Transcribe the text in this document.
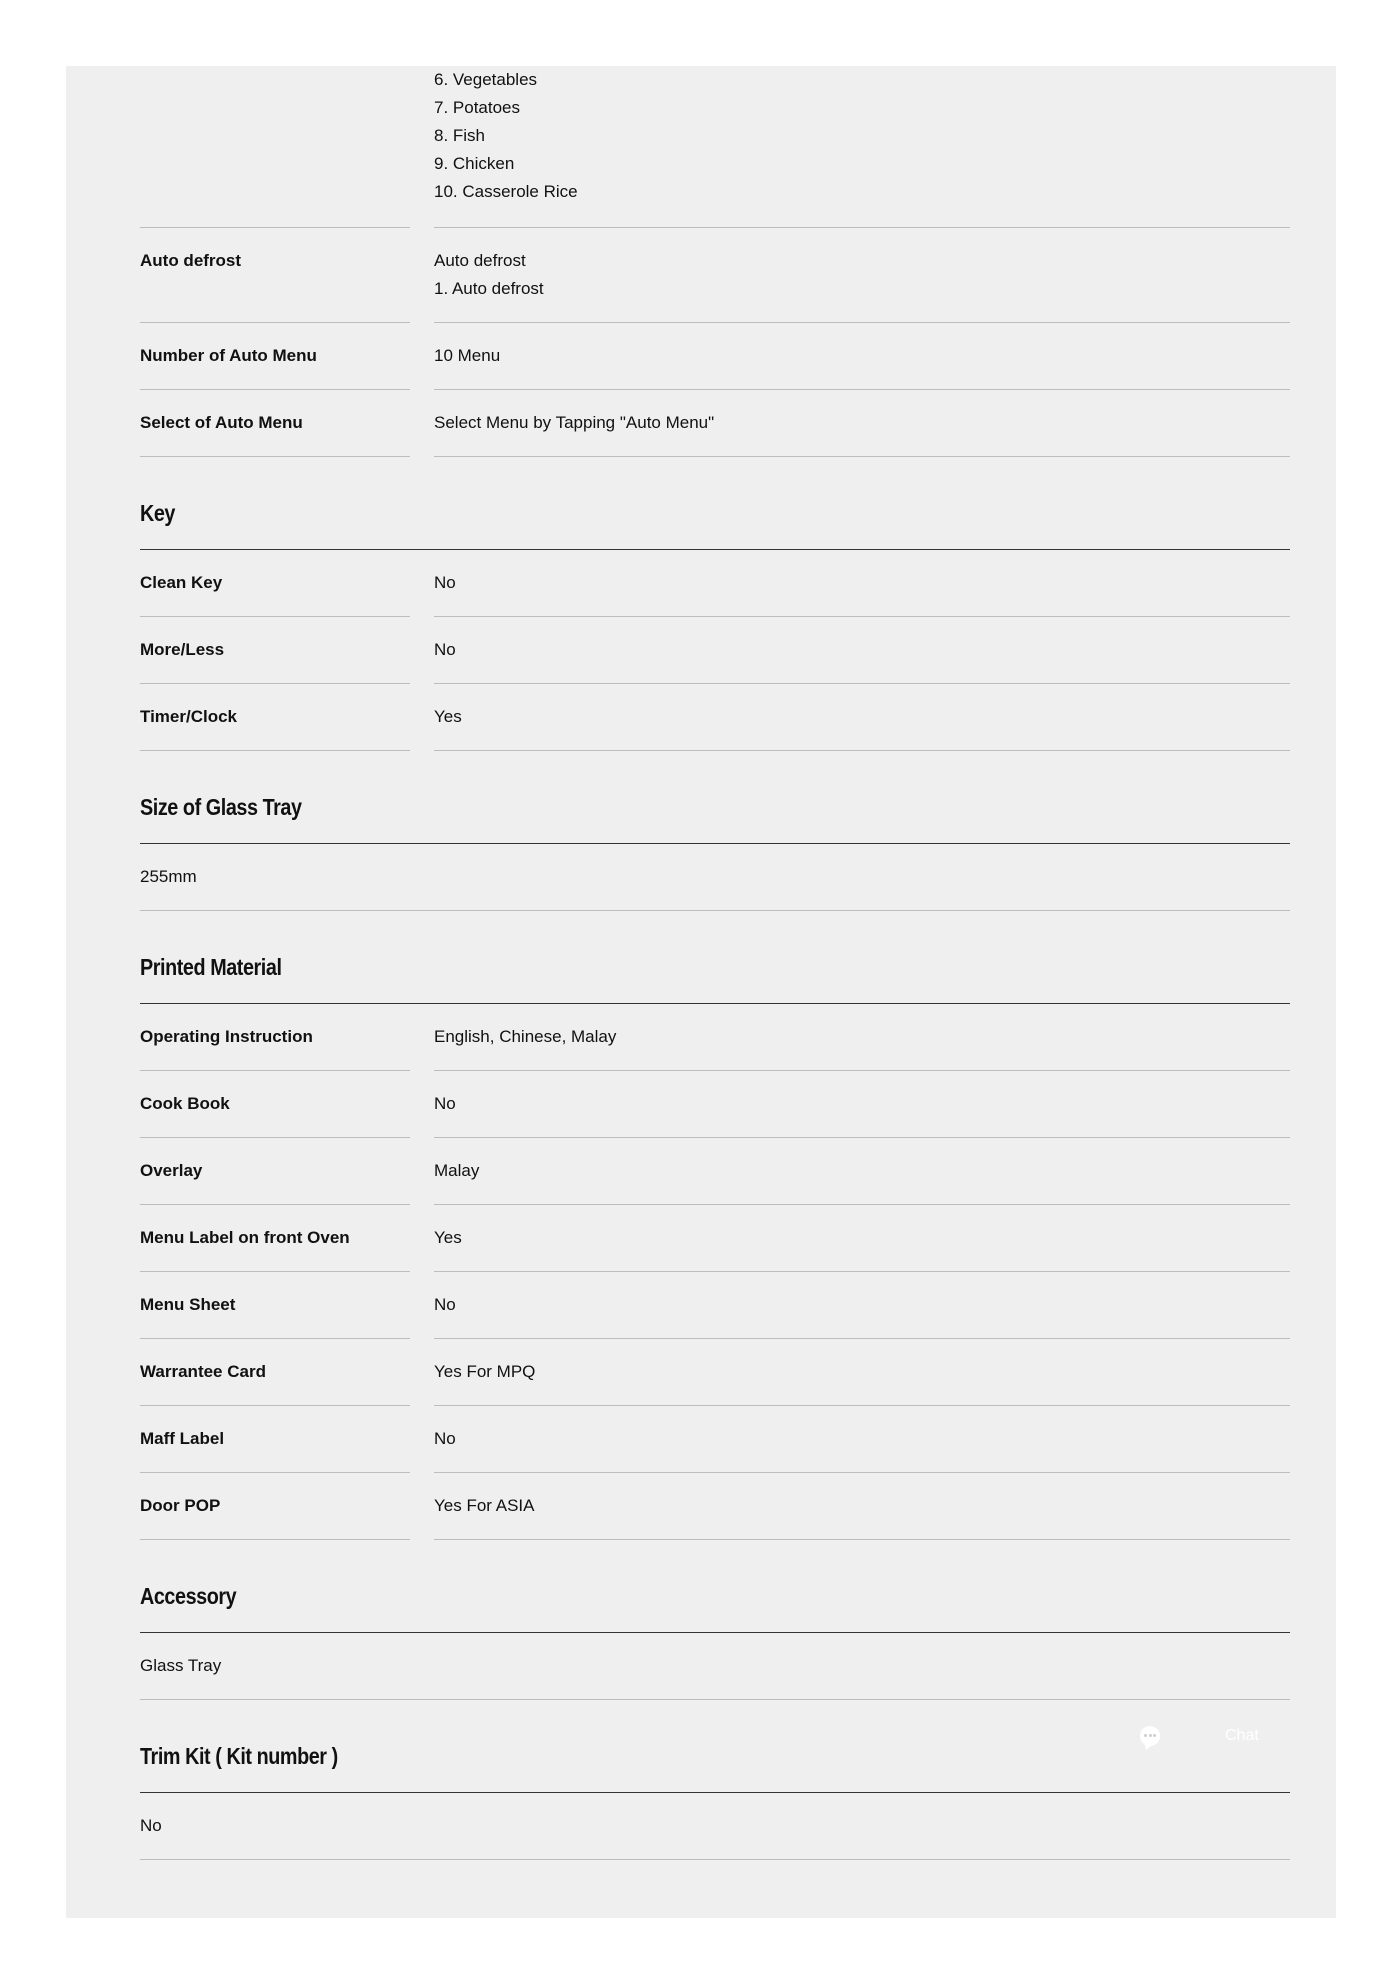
6. Vegetables
7. Potatoes
8. Fish
9. Chicken
10. Casserole Rice
Auto defrost	Auto defrost
1. Auto defrost
Number of Auto Menu	10 Menu
Select of Auto Menu	Select Menu by Tapping "Auto Menu"
Key
Clean Key	No
More/Less	No
Timer/Clock	Yes
Size of Glass Tray
255mm
Printed Material
Operating Instruction	English, Chinese, Malay
Cook Book	No
Overlay	Malay
Menu Label on front Oven	Yes
Menu Sheet	No
Warrantee Card	Yes For MPQ
Maff Label	No
Door POP	Yes For ASIA
Accessory
Glass Tray
Trim Kit ( Kit number )
No
Chat
